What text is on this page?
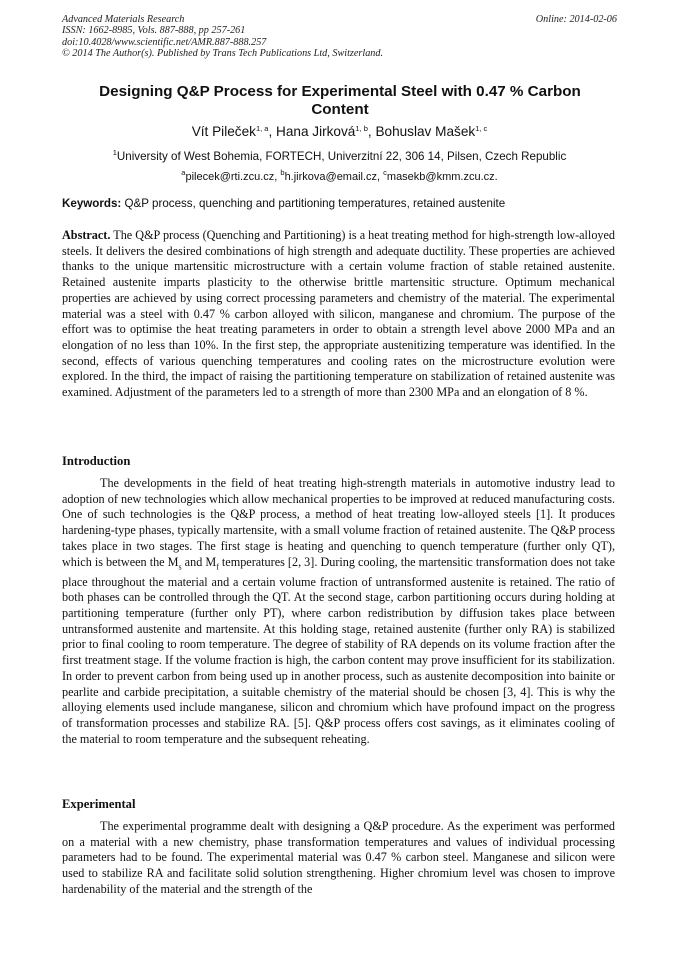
Advanced Materials Research
ISSN: 1662-8985, Vols. 887-888, pp 257-261
doi:10.4028/www.scientific.net/AMR.887-888.257
© 2014 The Author(s). Published by Trans Tech Publications Ltd, Switzerland.
Online: 2014-02-06
Designing Q&P Process for Experimental Steel with 0.47 % Carbon Content
Vít Pileček$^{1, a}$, Hana Jirková$^{1, b}$, Bohuslav Mašek$^{1, c}$
$^1$University of West Bohemia, FORTECH, Univerzitní 22, 306 14, Pilsen, Czech Republic
$^a$pilecek@rti.zcu.cz, $^b$h.jirkova@email.cz, $^c$masekb@kmm.zcu.cz.
Keywords: Q&P process, quenching and partitioning temperatures, retained austenite

Abstract. The Q&P process (Quenching and Partitioning) is a heat treating method for high-strength low-alloyed steels. It delivers the desired combinations of high strength and adequate ductility. These properties are achieved thanks to the unique martensitic microstructure with a certain volume fraction of stable retained austenite. Retained austenite imparts plasticity to the otherwise brittle martensitic structure. Optimum mechanical properties are achieved by using correct processing parameters and chemistry of the material. The experimental material was a steel with 0.47 % carbon alloyed with silicon, manganese and chromium. The purpose of the effort was to optimise the heat treating parameters in order to obtain a strength level above 2000 MPa and an elongation of no less than 10%. In the first step, the appropriate austenitizing temperature was identified. In the second, effects of various quenching temperatures and cooling rates on the microstructure evolution were explored. In the third, the impact of raising the partitioning temperature on stabilization of retained austenite was examined. Adjustment of the parameters led to a strength of more than 2300 MPa and an elongation of 8 %.

Introduction

The developments in the field of heat treating high-strength materials in automotive industry lead to adoption of new technologies which allow mechanical properties to be improved at reduced manufacturing costs. One of such technologies is the Q&P process, a method of heat treating low-alloyed steels [1]. It produces hardening-type phases, typically martensite, with a small volume fraction of retained austenite. The Q&P process takes place in two stages. The first stage is heating and quenching to quench temperature (further only QT), which is between the $M_s$ and $M_f$ temperatures [2, 3]. During cooling, the martensitic transformation does not take place throughout the material and a certain volume fraction of untransformed austenite is retained. The ratio of both phases can be controlled through the QT. At the second stage, carbon partitioning occurs during holding at partitioning temperature (further only PT), where carbon redistribution by diffusion takes place between untransformed austenite and martensite. At this holding stage, retained austenite (further only RA) is stabilized prior to final cooling to room temperature. The degree of stability of RA depends on its volume fraction after the first treatment stage. If the volume fraction is high, the carbon content may prove insufficient for its stabilization. In order to prevent carbon from being used up in another process, such as austenite decomposition into bainite or pearlite and carbide precipitation, a suitable chemistry of the material should be chosen [3, 4]. This is why the alloying elements used include manganese, silicon and chromium which have profound impact on the progress of transformation processes and stabilize RA. [5]. Q&P process offers cost savings, as it eliminates cooling of the material to room temperature and the subsequent reheating.

Experimental

The experimental programme dealt with designing a Q&P procedure. As the experiment was performed on a material with a new chemistry, phase transformation temperatures and values of individual processing parameters had to be found. The experimental material was 0.47 % carbon steel. Manganese and silicon were used to stabilize RA and facilitate solid solution strengthening. Higher chromium level was chosen to improve hardenability of the material and the strength of the
